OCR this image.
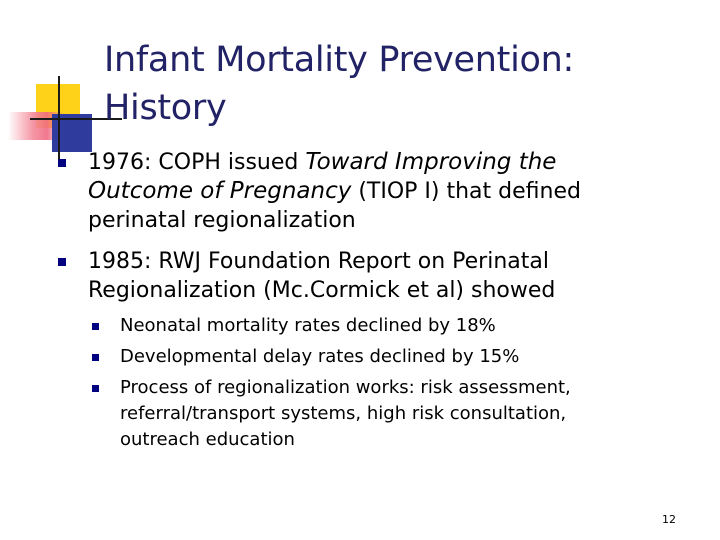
Infant Mortality Prevention:
History
1976: COPH issued Toward Improving the
Outcome of Pregnancy (TIOP I) that defined
perinatal regionalization
1985: RWJ Foundation Report on Perinatal
Regionalization (Mc.Cormick et al) showed
Neonatal mortality rates declined by 18%
Developmental delay rates declined by 15%
Process of regionalization works: risk assessment,
referral/transport systems, high risk consultation,
outreach education
12
